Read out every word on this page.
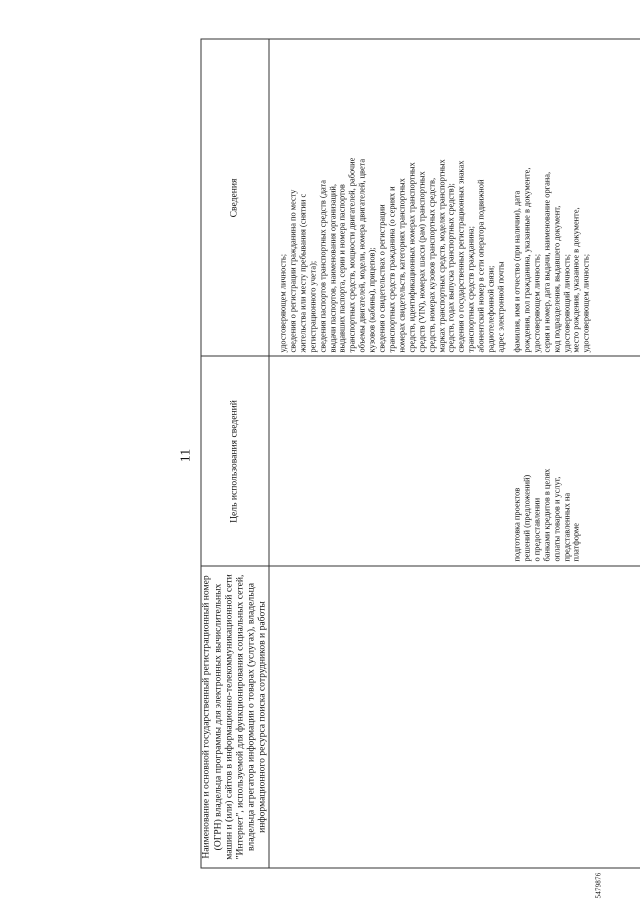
11
Наименование и основной государственный регистрационный номер (ОГРН) владельца программы для электронных вычислительных машин и (или) сайтов в информационно-телекоммуникационной сети "Интернет", используемой для функционирования социальных сетей, владельца агрегатора информации о товарах (услугах), владельца информационного ресурса поиска сотрудников и работы
Цель использования сведений
Сведения
удостоверяющем личность; сведения о регистрации гражданина по месту жительства или месту пребывания (снятии с регистрационного учета); сведения паспортов транспортных средств (дата выдачи паспортов, наименования организаций, выдавших паспорта, серии и номера паспортов транспортных средств, мощности двигателей, рабочие объемы двигателей, модели, номера двигателей, цвета кузовов (кабины), прицепов); сведения о свидетельствах о регистрации транспортных средств гражданина (о сериях и номерах свидетельств, категориях транспортных средств, идентификационных номерах транспортных средств (VIN), номерах шасси (рам) транспортных средств, номерах кузовов транспортных средств, марках транспортных средств, моделях транспортных средств, годах выпуска транспортных средств); сведения о государственных регистрационных знаках транспортных средств гражданина; абонентский номер в сети оператора подвижной радиотелефонной связи; адрес электронной почты
подготовка проектов решений (предложений) о предоставлении банками кредитов в целях оплаты товаров и услуг, представленных на платформе
фамилия, имя и отчество (при наличии), дата рождения, пол гражданина, указанные в документе, удостоверяющем личность; серия и номер, дата выдачи, наименование органа, код подразделения, выдавшего документ, удостоверяющий личность; место рождения, указанное в документе, удостоверяющем личность;
5479876
